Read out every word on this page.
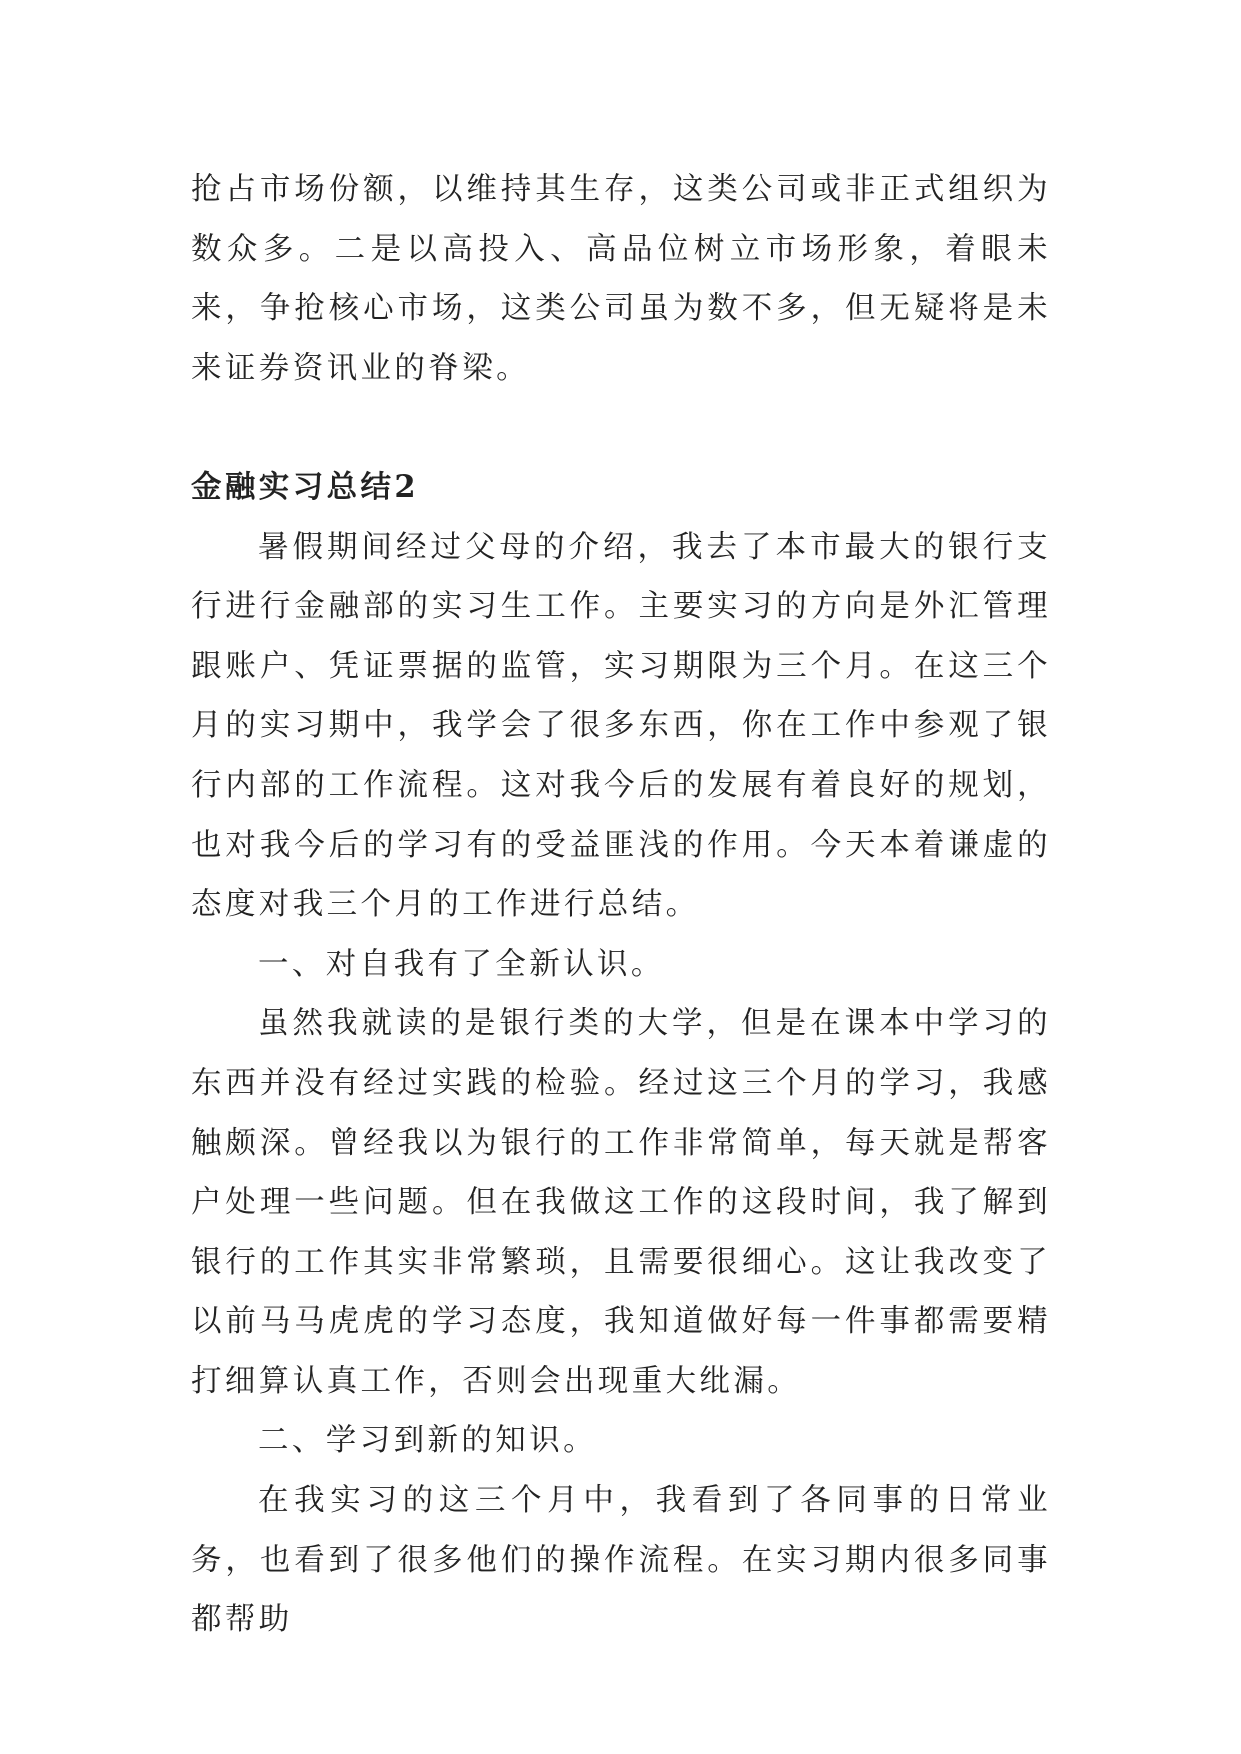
抢占市场份额，以维持其生存，这类公司或非正式组织为数众多。二是以高投入、高品位树立市场形象，着眼未来，争抢核心市场，这类公司虽为数不多，但无疑将是未来证券资讯业的脊梁。

金融实习总结2

暑假期间经过父母的介绍，我去了本市最大的银行支行进行金融部的实习生工作。主要实习的方向是外汇管理跟账户、凭证票据的监管，实习期限为三个月。在这三个月的实习期中，我学会了很多东西，你在工作中参观了银行内部的工作流程。这对我今后的发展有着良好的规划，也对我今后的学习有的受益匪浅的作用。今天本着谦虚的态度对我三个月的工作进行总结。

一、对自我有了全新认识。

虽然我就读的是银行类的大学，但是在课本中学习的东西并没有经过实践的检验。经过这三个月的学习，我感触颇深。曾经我以为银行的工作非常简单，每天就是帮客户处理一些问题。但在我做这工作的这段时间，我了解到银行的工作其实非常繁琐，且需要很细心。这让我改变了以前马马虎虎的学习态度，我知道做好每一件事都需要精打细算认真工作，否则会出现重大纰漏。

二、学习到新的知识。

在我实习的这三个月中，我看到了各同事的日常业务，也看到了很多他们的操作流程。在实习期内很多同事都帮助
